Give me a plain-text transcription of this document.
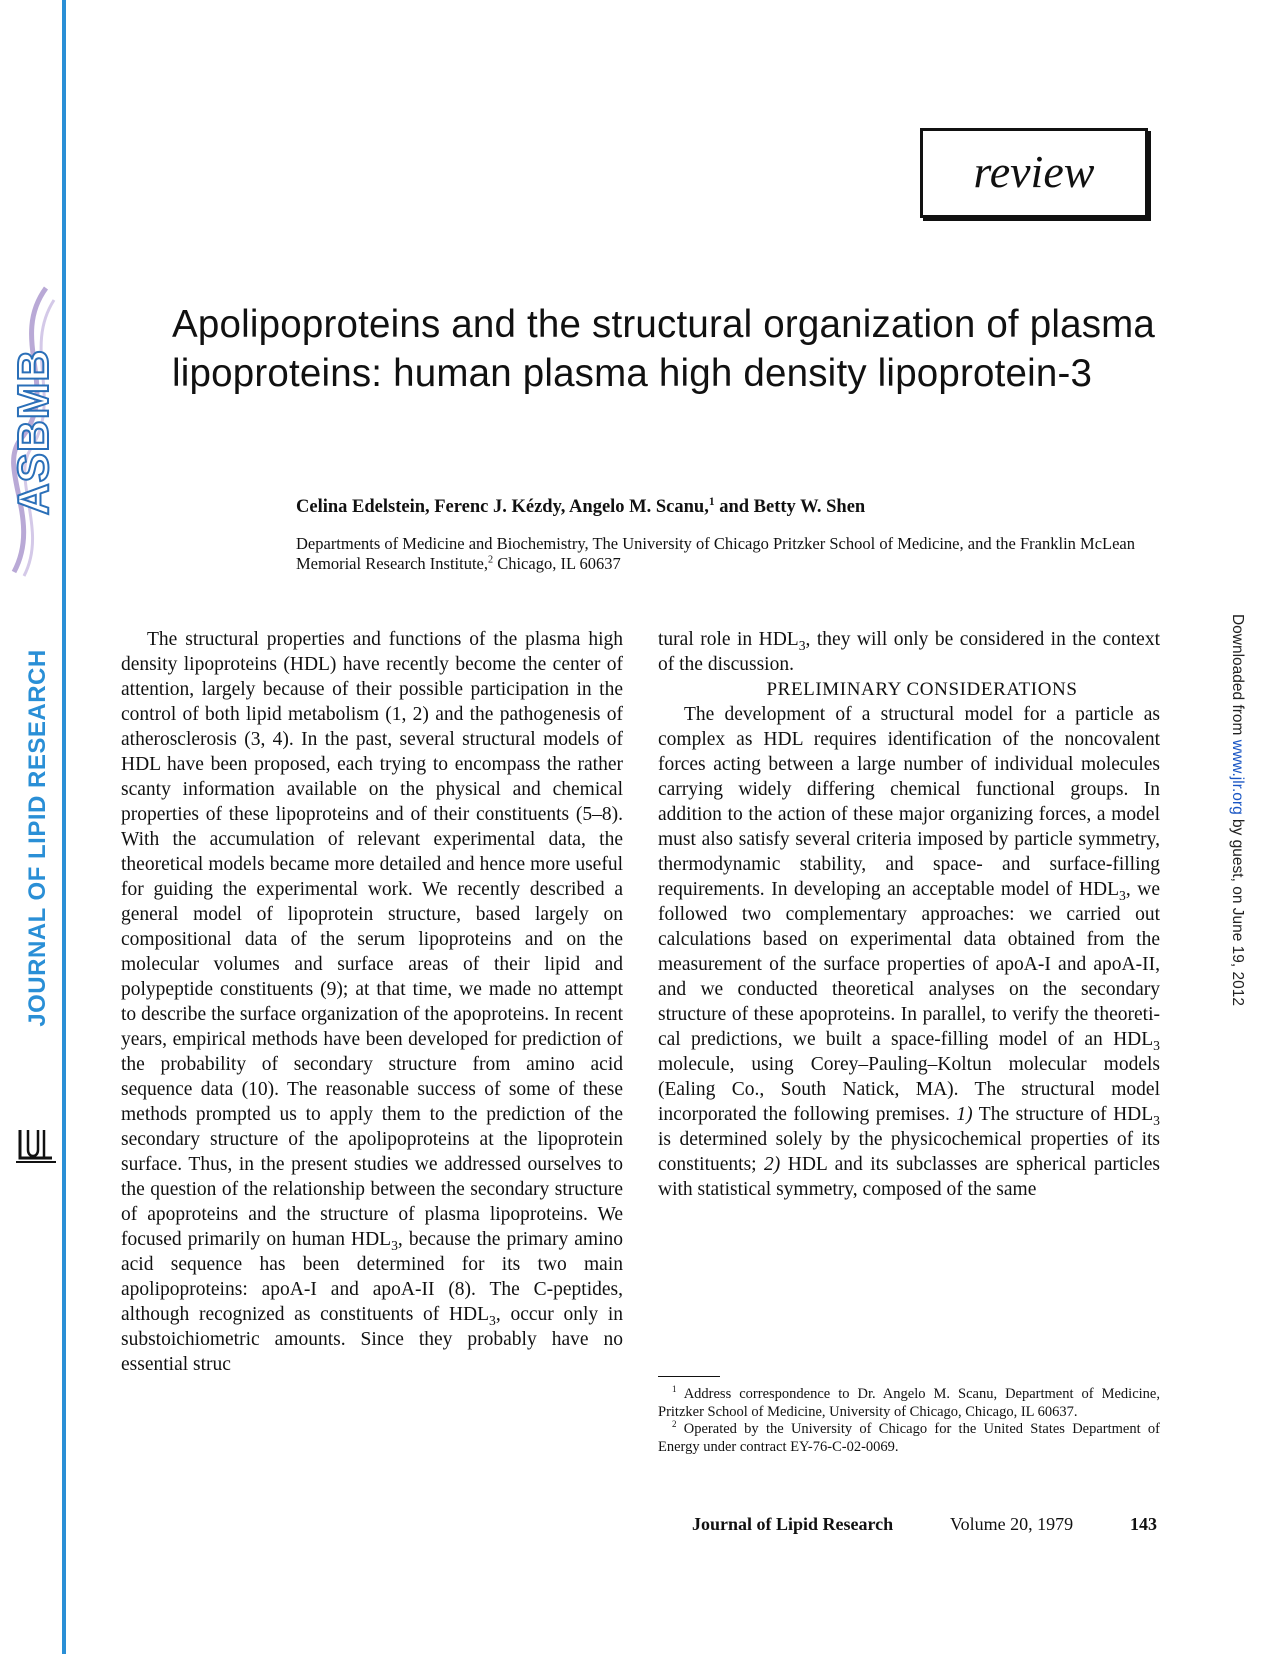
ASBMB
JOURNAL OF LIPID RESEARCH	Downloaded from www.jlr.org by guest, on June 19, 2012
review
Apolipoproteins and the structural organization of plasma lipoproteins: human plasma high density lipoprotein-3
Celina Edelstein, Ferenc J. Kézdy, Angelo M. Scanu,$^1$ and Betty W. Shen
Departments of Medicine and Biochemistry, The University of Chicago Pritzker School of Medicine, and the Franklin McLean Memorial Research Institute,$^2$ Chicago, IL 60637

The structural properties and functions of the plasma high density lipoproteins (HDL) have recently become the center of attention, largely because of their possible participation in the control of both lipid metabolism (1, 2) and the pathogenesis of atherosclerosis (3, 4). In the past, several structural models of HDL have been proposed, each trying to encompass the rather scanty information available on the physical and chemical properties of these lipoproteins and of their constituents (5–8). With the accumulation of relevant experimental data, the theoretical models became more detailed and hence more useful for guiding the experimental work. We recently described a general model of lipoprotein structure, based largely on compositional data of the serum lipoproteins and on the molecular volumes and surface areas of their lipid and polypeptide constituents (9); at that time, we made no attempt to describe the surface organization of the apoproteins. In recent years, empirical methods have been developed for prediction of the probability of secondary structure from amino acid sequence data (10). The reasonable success of some of these methods prompted us to apply them to the prediction of the secondary structure of the apolipoproteins at the lipoprotein surface. Thus, in the present studies we addressed ourselves to the question of the relationship between the secondary structure of apoproteins and the structure of plasma lipoproteins. We focused primarily on human $HDL_3$, because the primary amino acid sequence has been determined for its two main apolipoproteins: apoA-I and apoA-II (8). The C-peptides, although recognized as constituents of $HDL_3$, occur only in substoichiometric amounts. Since they probably have no essential struc

tural role in $HDL_3$, they will only be considered in the context of the discussion.

PRELIMINARY CONSIDERATIONS

The development of a structural model for a particle as complex as HDL requires identification of the noncovalent forces acting between a large number of individual molecules carrying widely differing chemical functional groups. In addition to the action of these major organizing forces, a model must also satisfy several criteria imposed by particle symmetry, thermodynamic stability, and space- and surface-filling requirements. In developing an acceptable model of $HDL_3$, we followed two complementary approaches: we carried out calculations based on experimental data obtained from the measurement of the surface properties of apoA-I and apoA-II, and we conducted theoretical analyses on the secondary structure of these apoproteins. In parallel, to verify the theoretical predictions, we built a space-filling model of an $HDL_3$ molecule, using Corey–Pauling–Koltun molecular models (Ealing Co., South Natick, MA). The structural model incorporated the following premises. 1) The structure of $HDL_3$ is determined solely by the physicochemical properties of its constituents; 2) HDL and its subclasses are spherical particles with statistical symmetry, composed of the same

$^1$ Address correspondence to Dr. Angelo M. Scanu, Department of Medicine, Pritzker School of Medicine, University of Chicago, Chicago, IL 60637.

$^2$ Operated by the University of Chicago for the United States Department of Energy under contract EY-76-C-02-0069.

Journal of Lipid Research	Volume 20, 1979	143
